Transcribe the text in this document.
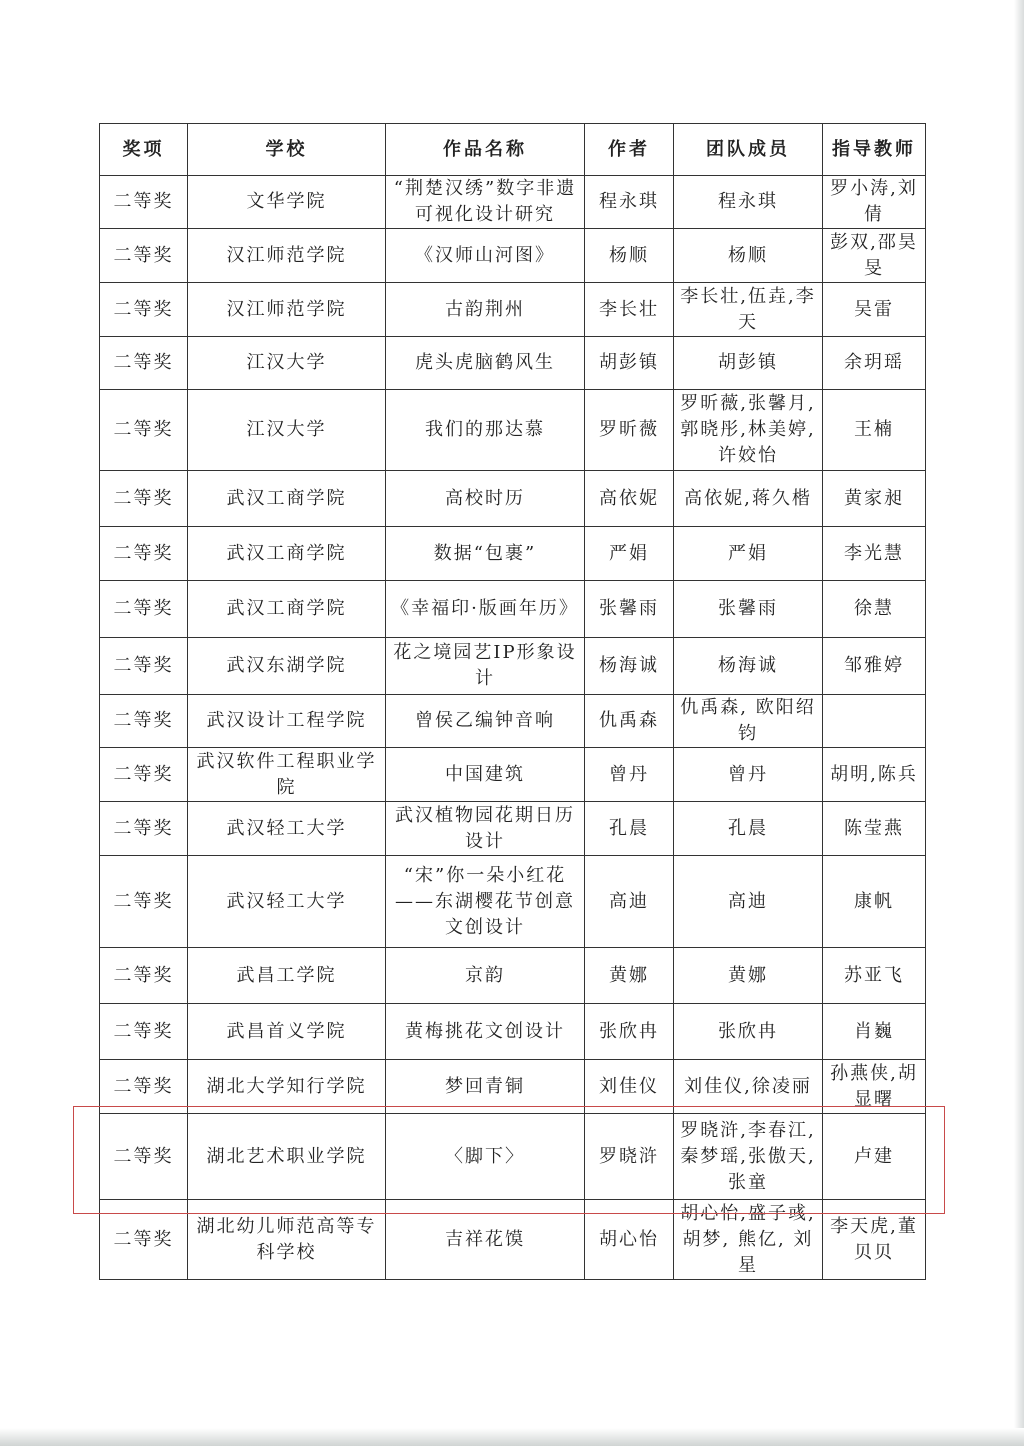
奖项	学校	作品名称	作者	团队成员	指导教师
二等奖	文华学院	“荆楚汉绣”数字非遗可视化设计研究	程永琪	程永琪	罗小涛,刘倩
二等奖	汉江师范学院	《汉师山河图》	杨顺	杨顺	彭双,邵昊旻
二等奖	汉江师范学院	古韵荆州	李长壮	李长壮,伍垚,李天	吴雷
二等奖	江汉大学	虎头虎脑鹤风生	胡彭镇	胡彭镇	余玥瑶
二等奖	江汉大学	我们的那达慕	罗昕薇	罗昕薇,张馨月,郭晓彤,林美婷,许姣怡	王楠
二等奖	武汉工商学院	高校时历	高依妮	高依妮,蒋久楷	黄家昶
二等奖	武汉工商学院	数据“包裹”	严娟	严娟	李光慧
二等奖	武汉工商学院	《幸福印·版画年历》	张馨雨	张馨雨	徐慧
二等奖	武汉东湖学院	花之境园艺IP形象设计	杨海诚	杨海诚	邹雅婷
二等奖	武汉设计工程学院	曾侯乙编钟音响	仇禹森	仇禹森, 欧阳绍钧	
二等奖	武汉软件工程职业学院	中国建筑	曾丹	曾丹	胡明,陈兵
二等奖	武汉轻工大学	武汉植物园花期日历设计	孔晨	孔晨	陈莹燕
二等奖	武汉轻工大学	“宋”你一朵小红花——东湖樱花节创意文创设计	高迪	高迪	康帆
二等奖	武昌工学院	京韵	黄娜	黄娜	苏亚飞
二等奖	武昌首义学院	黄梅挑花文创设计	张欣冉	张欣冉	肖巍
二等奖	湖北大学知行学院	梦回青铜	刘佳仪	刘佳仪,徐凌丽	孙燕侠,胡显曙
二等奖	湖北艺术职业学院	〈脚下〉	罗晓浒	罗晓浒,李春江,秦梦瑶,张傲天,张童	卢建
二等奖	湖北幼儿师范高等专科学校	吉祥花馍	胡心怡	胡心怡,盛子彧, 胡梦, 熊亿, 刘星	李天虎,董贝贝
